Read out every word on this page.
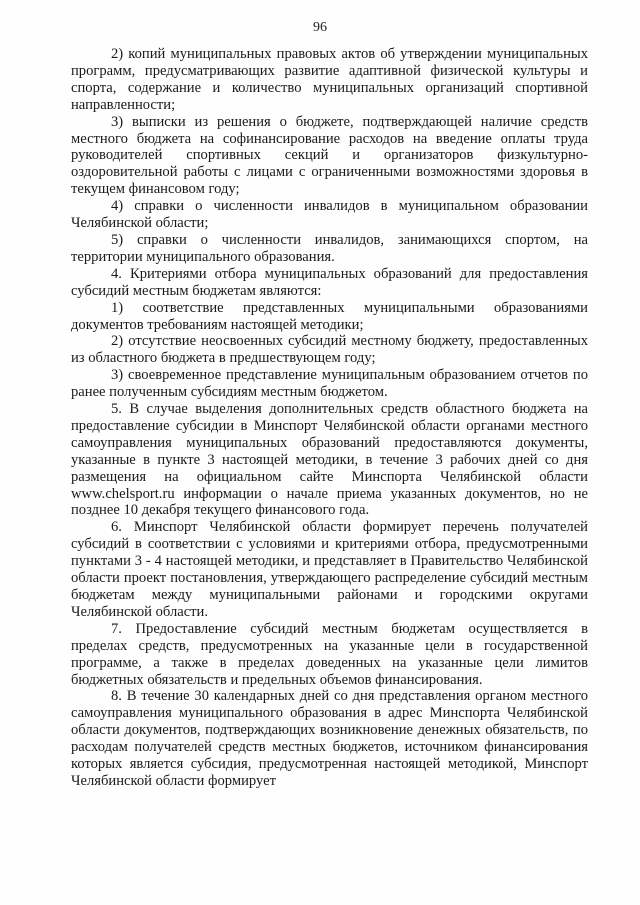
96

2) копий муниципальных правовых актов об утверждении муниципальных программ, предусматривающих развитие адаптивной физической культуры и спорта, содержание и количество муниципальных организаций спортивной направленности;

3) выписки из решения о бюджете, подтверждающей наличие средств местного бюджета на софинансирование расходов на введение оплаты труда руководителей спортивных секций и организаторов физкультурно-оздоровительной работы с лицами с ограниченными возможностями здоровья в текущем финансовом году;

4) справки о численности инвалидов в муниципальном образовании Челябинской области;

5) справки о численности инвалидов, занимающихся спортом, на территории муниципального образования.

4. Критериями отбора муниципальных образований для предоставления субсидий местным бюджетам являются:

1) соответствие представленных муниципальными образованиями документов требованиям настоящей методики;

2) отсутствие неосвоенных субсидий местному бюджету, предоставленных из областного бюджета в предшествующем году;

3) своевременное представление муниципальным образованием отчетов по ранее полученным субсидиям местным бюджетом.

5. В случае выделения дополнительных средств областного бюджета на предоставление субсидии в Минспорт Челябинской области органами местного самоуправления муниципальных образований предоставляются документы, указанные в пункте 3 настоящей методики, в течение 3 рабочих дней со дня размещения на официальном сайте Минспорта Челябинской области www.chelsport.ru информации о начале приема указанных документов, но не позднее 10 декабря текущего финансового года.

6. Минспорт Челябинской области формирует перечень получателей субсидий в соответствии с условиями и критериями отбора, предусмотренными пунктами 3 - 4 настоящей методики, и представляет в Правительство Челябинской области проект постановления, утверждающего распределение субсидий местным бюджетам между муниципальными районами и городскими округами Челябинской области.

7. Предоставление субсидий местным бюджетам осуществляется в пределах средств, предусмотренных на указанные цели в государственной программе, а также в пределах доведенных на указанные цели лимитов бюджетных обязательств и предельных объемов финансирования.

8. В течение 30 календарных дней со дня представления органом местного самоуправления муниципального образования в адрес Минспорта Челябинской области документов, подтверждающих возникновение денежных обязательств, по расходам получателей средств местных бюджетов, источником финансирования которых является субсидия, предусмотренная настоящей методикой, Минспорт Челябинской области формирует
